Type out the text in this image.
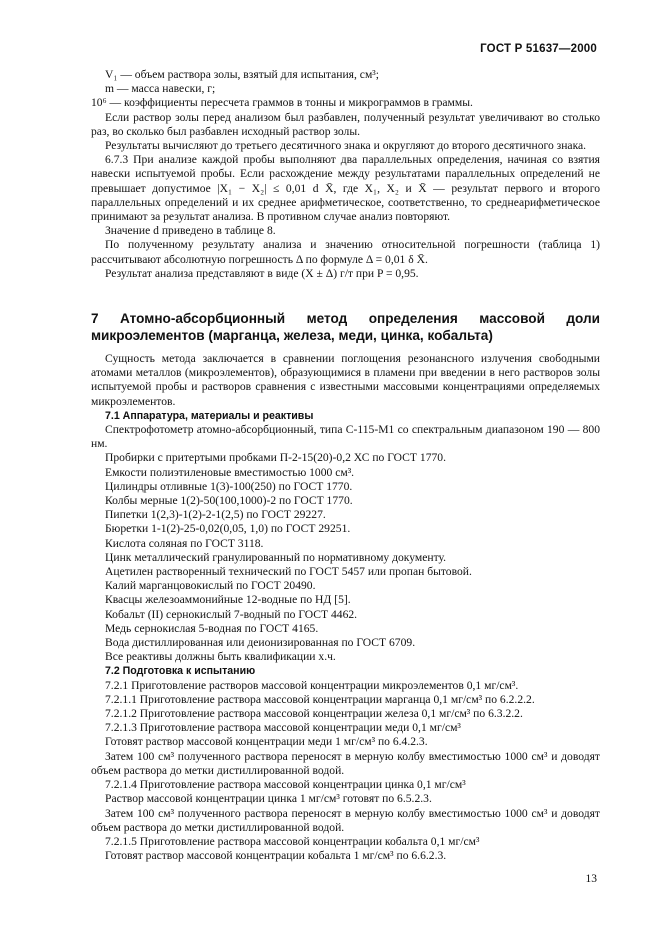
ГОСТ Р 51637—2000
V₁ — объем раствора золы, взятый для испытания, см³;
m — масса навески, г;
10⁶ — коэффициенты пересчета граммов в тонны и микрограммов в граммы.

Если раствор золы перед анализом был разбавлен, полученный результат увеличивают во столько раз, во сколько был разбавлен исходный раствор золы.

Результаты вычисляют до третьего десятичного знака и округляют до второго десятичного знака.

6.7.3 При анализе каждой пробы выполняют два параллельных определения, начиная со взятия навески испытуемой пробы. Если расхождение между результатами параллельных определений не превышает допустимое |X₁ − X₂| ≤ 0,01 d X̄, где X₁, X₂ и X̄ — результат первого и второго параллельных определений и их среднее арифметическое, соответственно, то среднеарифметическое принимают за результат анализа. В противном случае анализ повторяют.

Значение d приведено в таблице 8.

По полученному результату анализа и значению относительной погрешности (таблица 1) рассчитывают абсолютную погрешность Δ по формуле Δ = 0,01 δ X̄.

Результат анализа представляют в виде (X ± Δ) г/т при P = 0,95.

7 Атомно-абсорбционный метод определения массовой доли микроэлементов (марганца, железа, меди, цинка, кобальта)

Сущность метода заключается в сравнении поглощения резонансного излучения свободными атомами металлов (микроэлементов), образующимися в пламени при введении в него растворов золы испытуемой пробы и растворов сравнения с известными массовыми концентрациями определяемых микроэлементов.

7.1 Аппаратура, материалы и реактивы

Спектрофотометр атомно-абсорбционный, типа С-115-М1 со спектральным диапазоном 190 — 800 нм.

Пробирки с притертыми пробками П-2-15(20)-0,2 ХС по ГОСТ 1770.

Емкости полиэтиленовые вместимостью 1000 см³.

Цилиндры отливные 1(3)-100(250) по ГОСТ 1770.

Колбы мерные 1(2)-50(100,1000)-2 по ГОСТ 1770.

Пипетки 1(2,3)-1(2)-2-1(2,5) по ГОСТ 29227.

Бюретки 1-1(2)-25-0,02(0,05, 1,0) по ГОСТ 29251.

Кислота соляная по ГОСТ 3118.

Цинк металлический гранулированный по нормативному документу.

Ацетилен растворенный технический по ГОСТ 5457 или пропан бытовой.

Калий марганцовокислый по ГОСТ 20490.

Квасцы железоаммонийные 12-водные по НД [5].

Кобальт (II) сернокислый 7-водный по ГОСТ 4462.

Медь сернокислая 5-водная по ГОСТ 4165.

Вода дистиллированная или деионизированная по ГОСТ 6709.

Все реактивы должны быть квалификации х.ч.

7.2 Подготовка к испытанию

7.2.1 Приготовление растворов массовой концентрации микроэлементов 0,1 мг/см³.

7.2.1.1 Приготовление раствора массовой концентрации марганца 0,1 мг/см³ по 6.2.2.2.

7.2.1.2 Приготовление раствора массовой концентрации железа 0,1 мг/см³ по 6.3.2.2.

7.2.1.3 Приготовление раствора массовой концентрации меди 0,1 мг/см³

Готовят раствор массовой концентрации меди 1 мг/см³ по 6.4.2.3.

Затем 100 см³ полученного раствора переносят в мерную колбу вместимостью 1000 см³ и доводят объем раствора до метки дистиллированной водой.

7.2.1.4 Приготовление раствора массовой концентрации цинка 0,1 мг/см³

Раствор массовой концентрации цинка 1 мг/см³ готовят по 6.5.2.3.

Затем 100 см³ полученного раствора переносят в мерную колбу вместимостью 1000 см³ и доводят объем раствора до метки дистиллированной водой.

7.2.1.5 Приготовление раствора массовой концентрации кобальта 0,1 мг/см³

Готовят раствор массовой концентрации кобальта 1 мг/см³ по 6.6.2.3.

13
